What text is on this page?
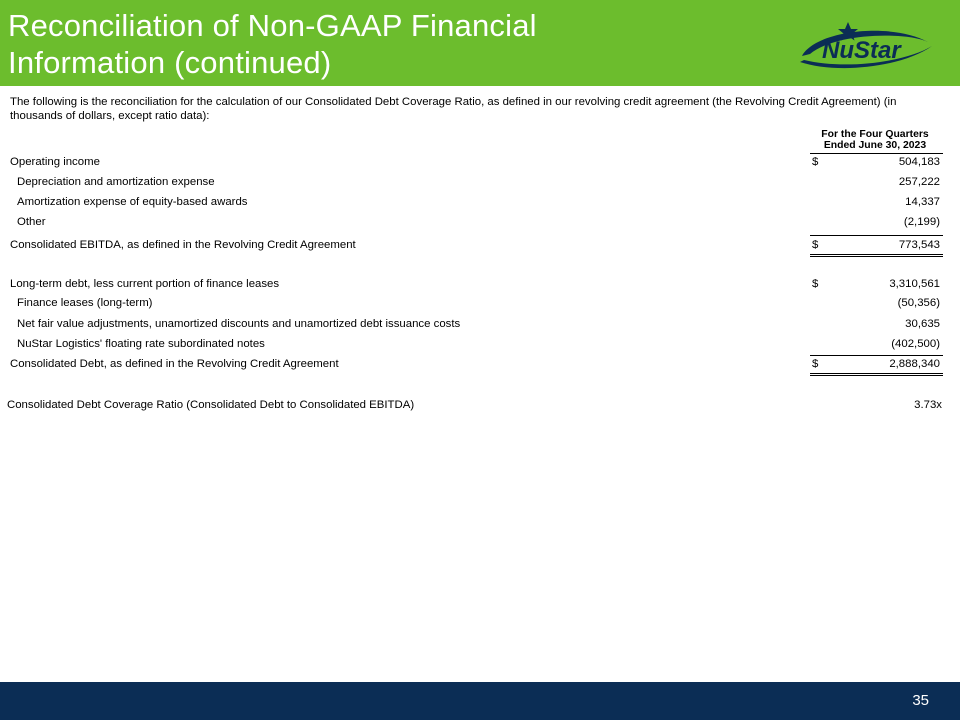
Reconciliation of Non-GAAP Financial
Information (continued)	NuStar
The following is the reconciliation for the calculation of our Consolidated Debt Coverage Ratio, as defined in our revolving credit agreement (the Revolving Credit Agreement) (in thousands of dollars, except ratio data):
For the Four Quarters
Ended June 30, 2023
Operating income	$	504,183
Depreciation and amortization expense	257,222
Amortization expense of equity-based awards	14,337
Other	(2,199)
Consolidated EBITDA, as defined in the Revolving Credit Agreement	$	773,543
Long-term debt, less current portion of finance leases	$	3,310,561
Finance leases (long-term)	(50,356)
Net fair value adjustments, unamortized discounts and unamortized debt issuance costs	30,635
NuStar Logistics' floating rate subordinated notes	(402,500)
Consolidated Debt, as defined in the Revolving Credit Agreement	$	2,888,340
Consolidated Debt Coverage Ratio (Consolidated Debt to Consolidated EBITDA)	3.73x
35
